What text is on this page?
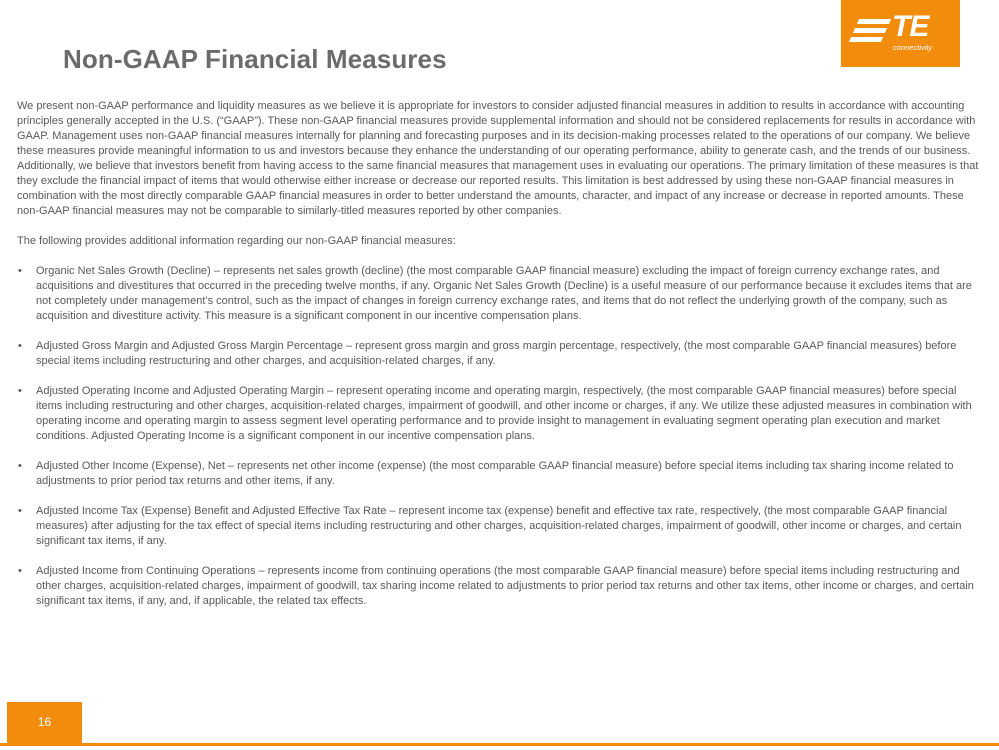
Non-GAAP Financial Measures
TE
connectivity

We present non-GAAP performance and liquidity measures as we believe it is appropriate for investors to consider adjusted financial measures in addition to results in accordance with accounting principles generally accepted in the U.S. (“GAAP”). These non-GAAP financial measures provide supplemental information and should not be considered replacements for results in accordance with GAAP. Management uses non-GAAP financial measures internally for planning and forecasting purposes and in its decision-making processes related to the operations of our company. We believe these measures provide meaningful information to us and investors because they enhance the understanding of our operating performance, ability to generate cash, and the trends of our business. Additionally, we believe that investors benefit from having access to the same financial measures that management uses in evaluating our operations. The primary limitation of these measures is that they exclude the financial impact of items that would otherwise either increase or decrease our reported results. This limitation is best addressed by using these non-GAAP financial measures in combination with the most directly comparable GAAP financial measures in order to better understand the amounts, character, and impact of any increase or decrease in reported amounts. These non-GAAP financial measures may not be comparable to similarly-titled measures reported by other companies.

The following provides additional information regarding our non-GAAP financial measures:

• Organic Net Sales Growth (Decline) – represents net sales growth (decline) (the most comparable GAAP financial measure) excluding the impact of foreign currency exchange rates, and acquisitions and divestitures that occurred in the preceding twelve months, if any. Organic Net Sales Growth (Decline) is a useful measure of our performance because it excludes items that are not completely under management’s control, such as the impact of changes in foreign currency exchange rates, and items that do not reflect the underlying growth of the company, such as acquisition and divestiture activity. This measure is a significant component in our incentive compensation plans.
• Adjusted Gross Margin and Adjusted Gross Margin Percentage – represent gross margin and gross margin percentage, respectively, (the most comparable GAAP financial measures) before special items including restructuring and other charges, and acquisition-related charges, if any.
• Adjusted Operating Income and Adjusted Operating Margin – represent operating income and operating margin, respectively, (the most comparable GAAP financial measures) before special items including restructuring and other charges, acquisition-related charges, impairment of goodwill, and other income or charges, if any. We utilize these adjusted measures in combination with operating income and operating margin to assess segment level operating performance and to provide insight to management in evaluating segment operating plan execution and market conditions. Adjusted Operating Income is a significant component in our incentive compensation plans.
• Adjusted Other Income (Expense), Net – represents net other income (expense) (the most comparable GAAP financial measure) before special items including tax sharing income related to adjustments to prior period tax returns and other items, if any.
• Adjusted Income Tax (Expense) Benefit and Adjusted Effective Tax Rate – represent income tax (expense) benefit and effective tax rate, respectively, (the most comparable GAAP financial measures) after adjusting for the tax effect of special items including restructuring and other charges, acquisition-related charges, impairment of goodwill, other income or charges, and certain significant tax items, if any.
• Adjusted Income from Continuing Operations – represents income from continuing operations (the most comparable GAAP financial measure) before special items including restructuring and other charges, acquisition-related charges, impairment of goodwill, tax sharing income related to adjustments to prior period tax returns and other tax items, other income or charges, and certain significant tax items, if any, and, if applicable, the related tax effects.
16
